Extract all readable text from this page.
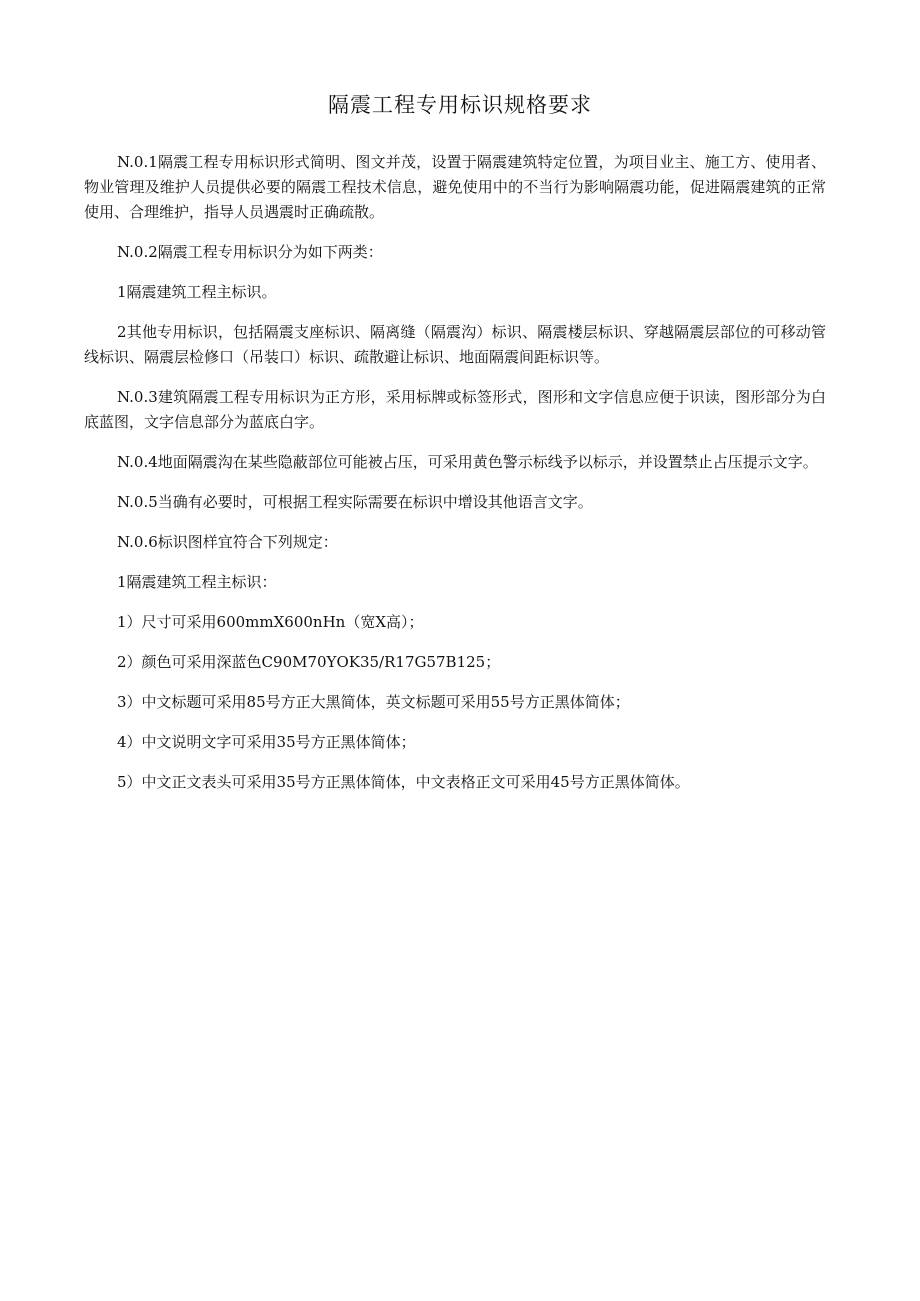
隔震工程专用标识规格要求

N.0.1隔震工程专用标识形式简明、图文并茂，设置于隔震建筑特定位置，为项目业主、施工方、使用者、物业管理及维护人员提供必要的隔震工程技术信息，避免使用中的不当行为影响隔震功能，促进隔震建筑的正常使用、合理维护，指导人员遇震时正确疏散。

N.0.2隔震工程专用标识分为如下两类：

1隔震建筑工程主标识。

2其他专用标识，包括隔震支座标识、隔离缝（隔震沟）标识、隔震楼层标识、穿越隔震层部位的可移动管线标识、隔震层检修口（吊装口）标识、疏散避让标识、地面隔震间距标识等。

N.0.3建筑隔震工程专用标识为正方形，采用标牌或标签形式，图形和文字信息应便于识读，图形部分为白底蓝图，文字信息部分为蓝底白字。

N.0.4地面隔震沟在某些隐蔽部位可能被占压，可采用黄色警示标线予以标示，并设置禁止占压提示文字。

N.0.5当确有必要时，可根据工程实际需要在标识中增设其他语言文字。

N.0.6标识图样宜符合下列规定：

1隔震建筑工程主标识：

1）尺寸可采用600mmX600nHn（宽X高）；

2）颜色可采用深蓝色C90M70YOK35/R17G57B125；

3）中文标题可采用85号方正大黑简体，英文标题可采用55号方正黑体简体；

4）中文说明文字可采用35号方正黑体简体；

5）中文正文表头可采用35号方正黑体简体，中文表格正文可采用45号方正黑体简体。
